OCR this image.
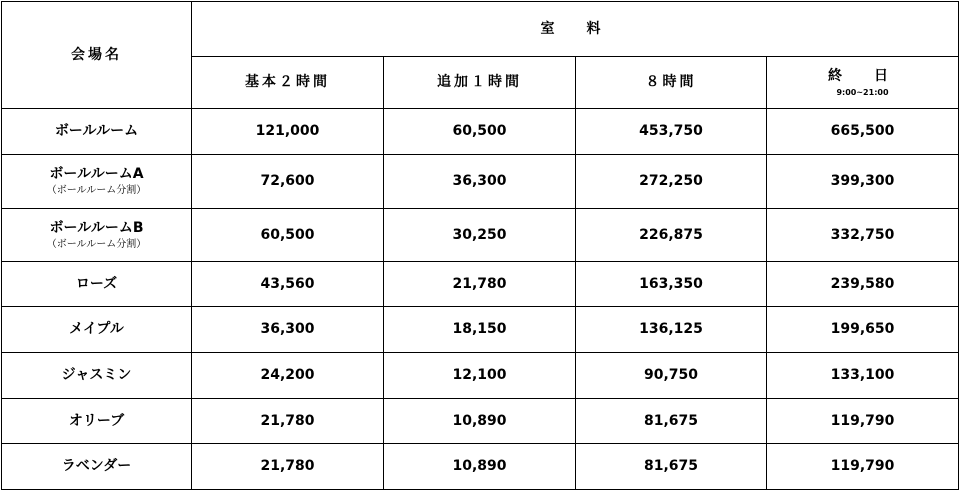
会場名	室　料			
	基本２時間	追加１時間	８時間	終　日
9:00~21:00

ボールルーム	121,000	60,500	453,750	665,500

ボールルームA
（ボールルーム分割）	72,600	36,300	272,250	399,300

ボールルームB
（ボールルーム分割）	60,500	30,250	226,875	332,750

ローズ	43,560	21,780	163,350	239,580

メイプル	36,300	18,150	136,125	199,650

ジャスミン	24,200	12,100	90,750	133,100

オリーブ	21,780	10,890	81,675	119,790

ラベンダー	21,780	10,890	81,675	119,790
